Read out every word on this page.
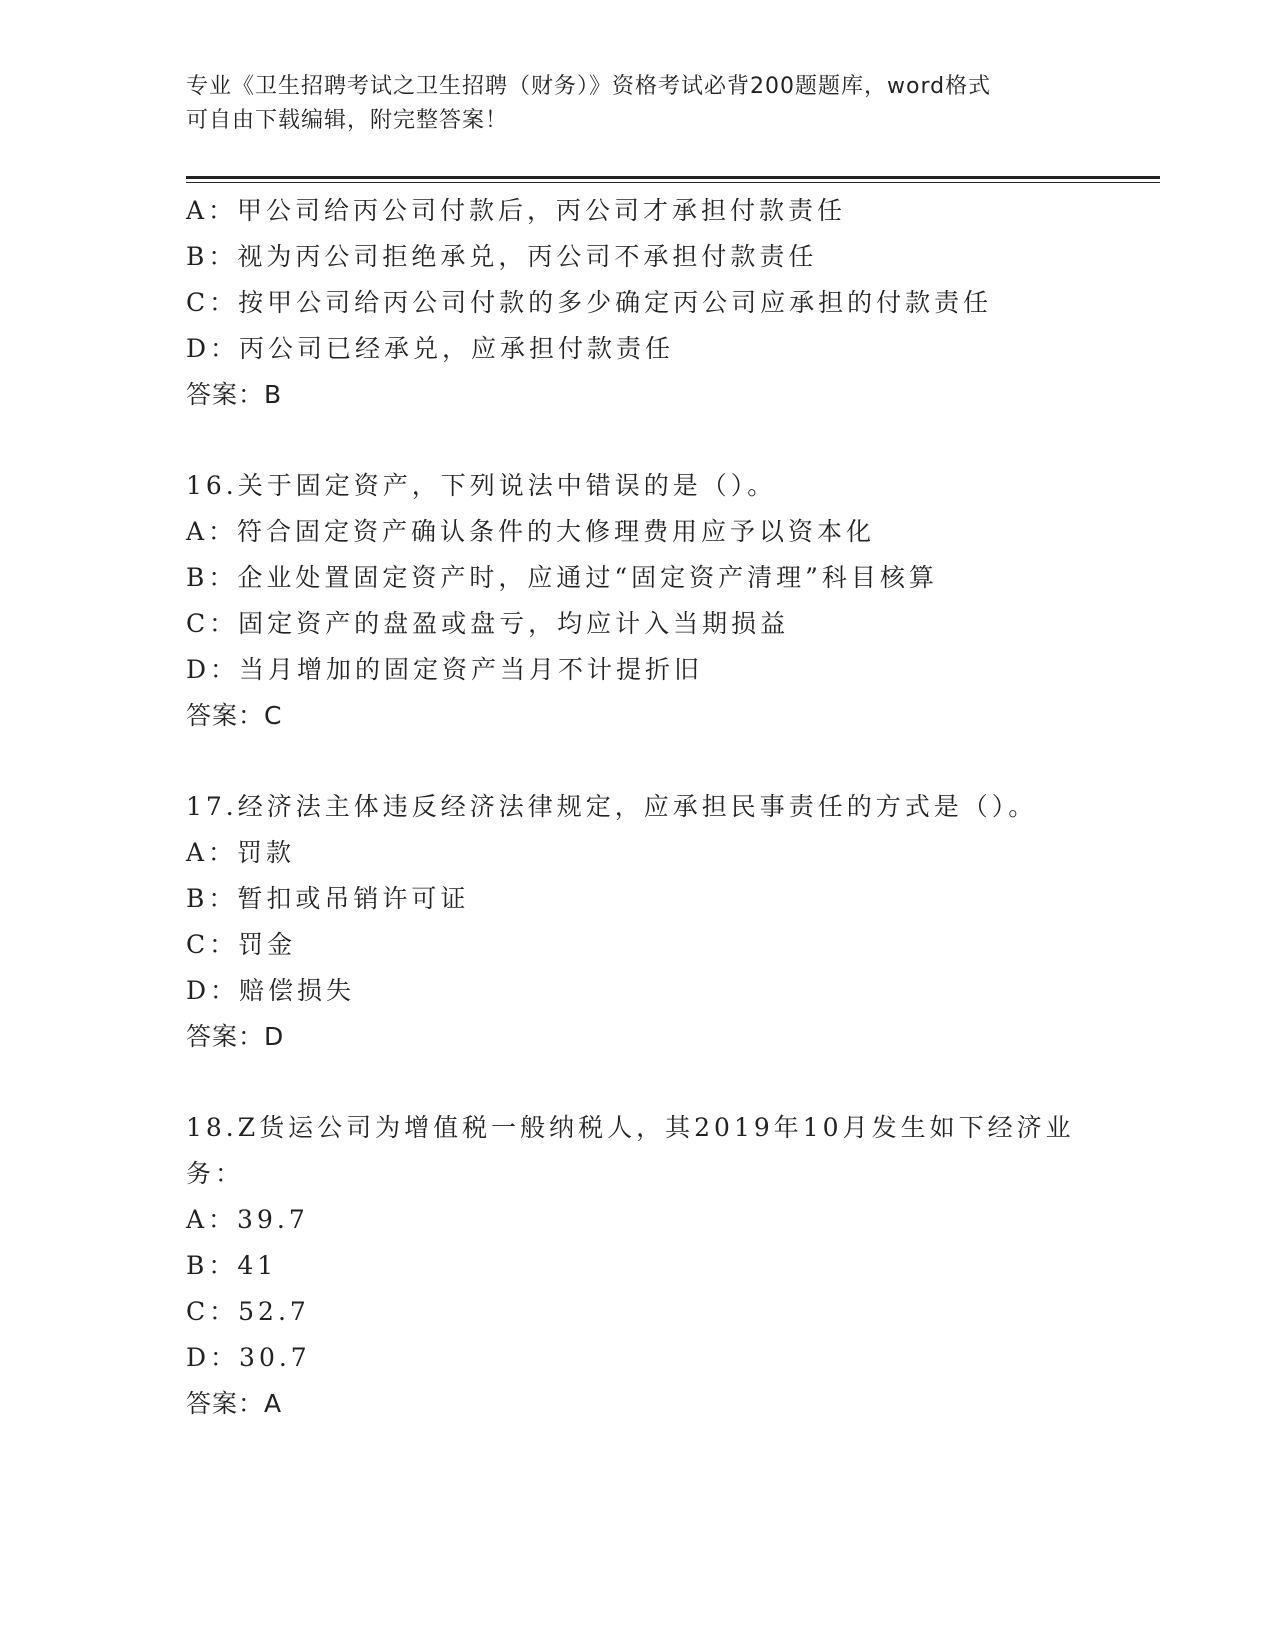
专业《卫生招聘考试之卫生招聘（财务）》资格考试必背200题题库，word格式
可自由下载编辑，附完整答案！
A：甲公司给丙公司付款后，丙公司才承担付款责任
B：视为丙公司拒绝承兑，丙公司不承担付款责任
C：按甲公司给丙公司付款的多少确定丙公司应承担的付款责任
D：丙公司已经承兑，应承担付款责任
答案：B
16.关于固定资产，下列说法中错误的是（）。
A：符合固定资产确认条件的大修理费用应予以资本化
B：企业处置固定资产时，应通过“固定资产清理”科目核算
C：固定资产的盘盈或盘亏，均应计入当期损益
D：当月增加的固定资产当月不计提折旧
答案：C
17.经济法主体违反经济法律规定，应承担民事责任的方式是（）。
A：罚款
B：暂扣或吊销许可证
C：罚金
D：赔偿损失
答案：D
18.Z货运公司为增值税一般纳税人，其2019年10月发生如下经济业
务：
A：39.7
B：41
C：52.7
D：30.7
答案：A
